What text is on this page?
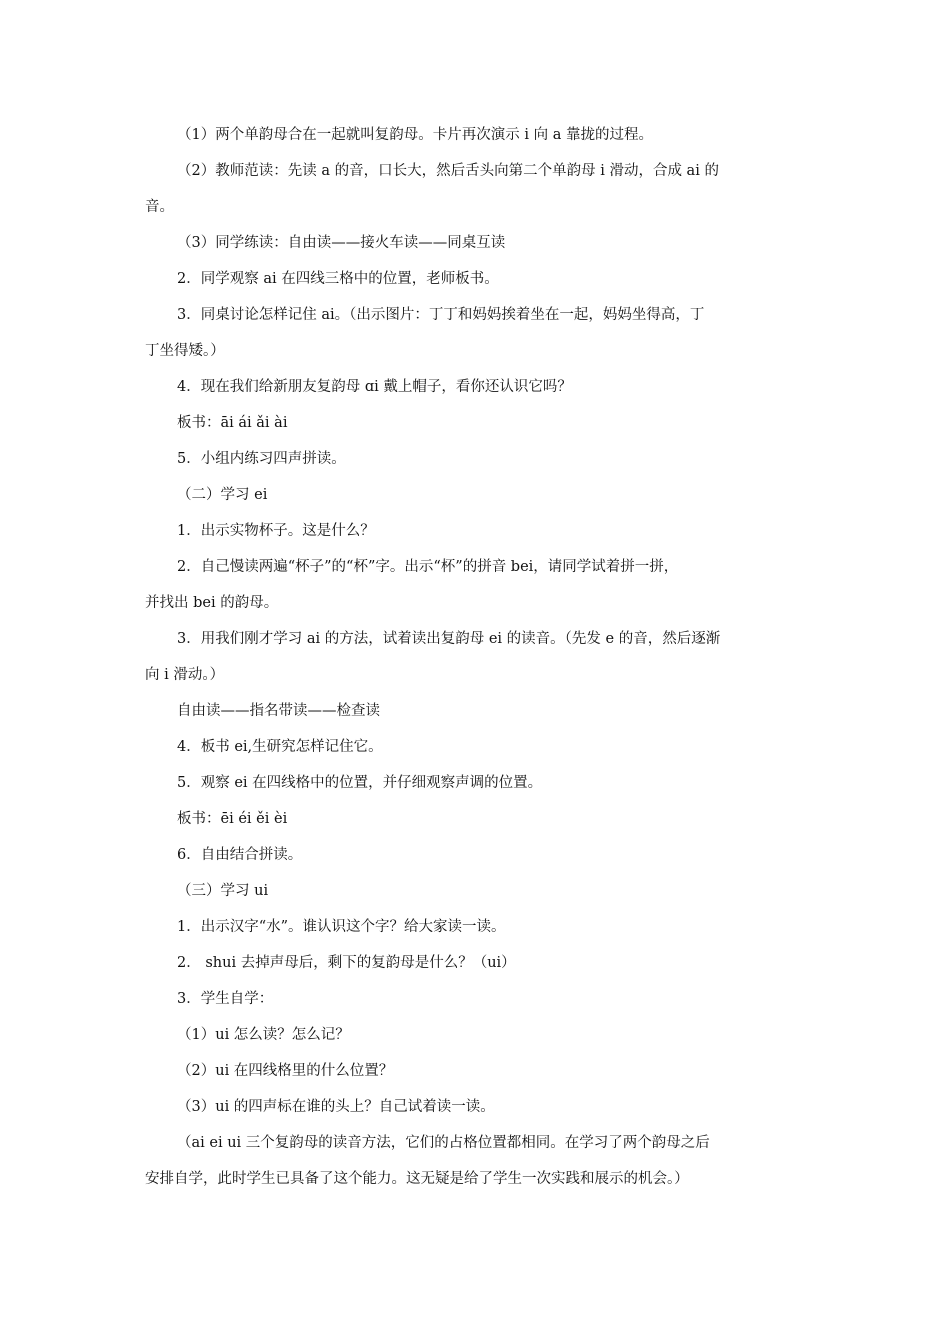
（1）两个单韵母合在一起就叫复韵母。卡片再次演示 i 向 a 靠拢的过程。

（2）教师范读：先读 a 的音，口长大，然后舌头向第二个单韵母 i 滑动，合成 ai 的
音。

（3）同学练读：自由读——接火车读——同桌互读

2．同学观察 ai 在四线三格中的位置，老师板书。

3．同桌讨论怎样记住 ai。（出示图片：丁丁和妈妈挨着坐在一起，妈妈坐得高，丁
丁坐得矮。）

4．现在我们给新朋友复韵母 ɑi 戴上帽子，看你还认识它吗？

板书：āi ái ǎi ài

5．小组内练习四声拼读。

（二）学习 ei

1．出示实物杯子。这是什么？

2．自己慢读两遍“杯子”的“杯”字。出示“杯”的拼音 bei，请同学试着拼一拼，
并找出 bei 的韵母。

3．用我们刚才学习 ai 的方法，试着读出复韵母 ei 的读音。（先发 e 的音，然后逐渐
向 i 滑动。）

自由读——指名带读——检查读

4．板书 ei,生研究怎样记住它。

5．观察 ei 在四线格中的位置，并仔细观察声调的位置。

板书：ēi éi ěi èi

6．自由结合拼读。

（三）学习 ui

1．出示汉字“水”。谁认识这个字？给大家读一读。

2． shui 去掉声母后，剩下的复韵母是什么？（ui）

3．学生自学：

（1）ui 怎么读？怎么记？

（2）ui 在四线格里的什么位置？

（3）ui 的四声标在谁的头上？自己试着读一读。

（ai ei ui 三个复韵母的读音方法，它们的占格位置都相同。在学习了两个韵母之后
安排自学，此时学生已具备了这个能力。这无疑是给了学生一次实践和展示的机会。）
